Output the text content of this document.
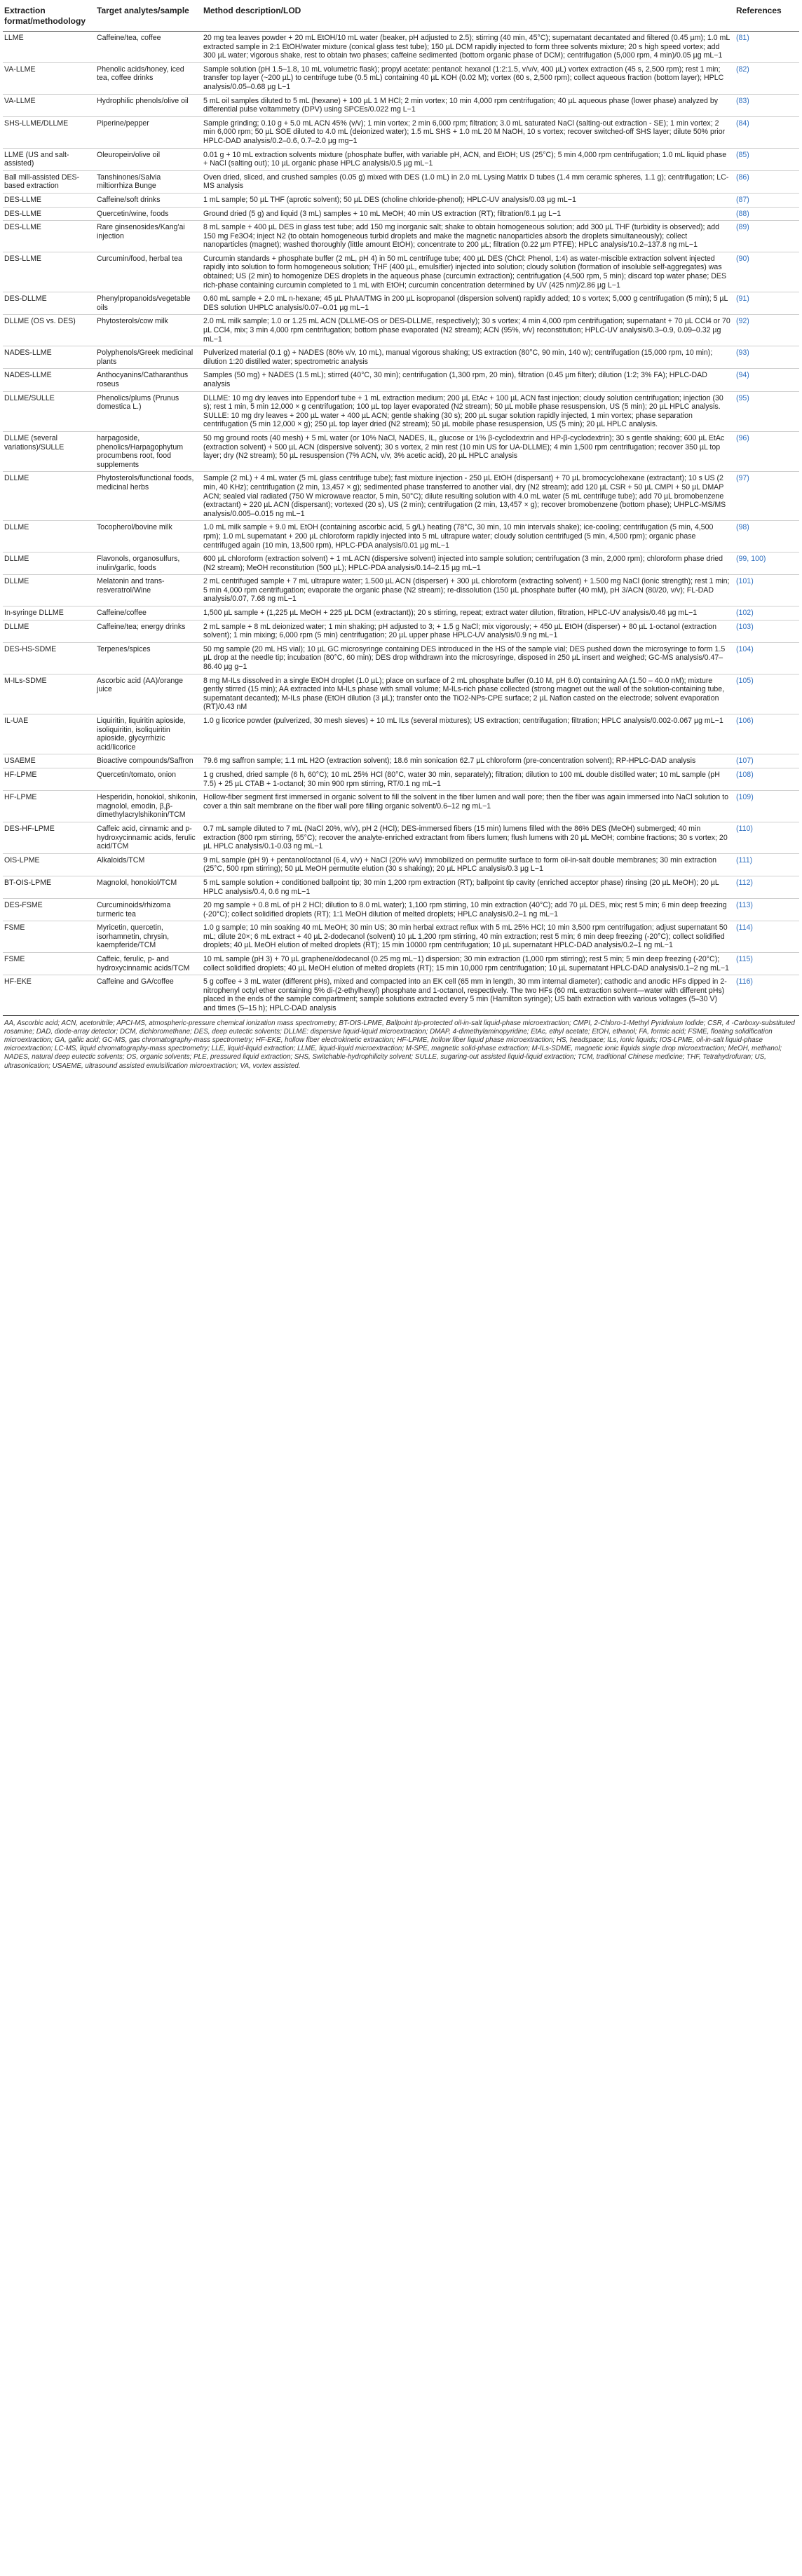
Extraction format/methodology	Target analytes/sample	Method description/LOD	References
LLME	Caffeine/tea, coffee	20 mg tea leaves powder + 20 mL EtOH/10 mL water (beaker, pH adjusted to 2.5); stirring (40 min, 45°C); supernatant decantated and filtered (0.45 µm); 1.0 mL extracted sample in 2:1 EtOH/water mixture (conical glass test tube); 150 µL DCM rapidly injected to form three solvents mixture; 20 s high speed vortex; add 300 µL water; vigorous shake, rest to obtain two phases; caffeine sedimented (bottom organic phase of DCM); centrifugation (5,000 rpm, 4 min)/0.05 µg mL−1	(81)
VA-LLME	Phenolic acids/honey, iced tea, coffee drinks	Sample solution (pH 1.5–1.8, 10 mL volumetric flask); propyl acetate: pentanol: hexanol (1:2:1.5, v/v/v, 400 µL) vortex extraction (45 s, 2,500 rpm); rest 1 min; transfer top layer (~200 µL) to centrifuge tube (0.5 mL) containing 40 µL KOH (0.02 M); vortex (60 s, 2,500 rpm); collect aqueous fraction (bottom layer); HPLC analysis/0.05–0.68 µg L−1	(82)
VA-LLME	Hydrophilic phenols/olive oil	5 mL oil samples diluted to 5 mL (hexane) + 100 µL 1 M HCl; 2 min vortex; 10 min 4,000 rpm centrifugation; 40 µL aqueous phase (lower phase) analyzed by differential pulse voltammetry (DPV) using SPCEs/0.022 mg L−1	(83)
SHS-LLME/DLLME	Piperine/pepper	Sample grinding; 0.10 g + 5.0 mL ACN 45% (v/v); 1 min vortex; 2 min 6,000 rpm; filtration; 3.0 mL saturated NaCl (salting-out extraction - SE); 1 min vortex; 2 min 6,000 rpm; 50 µL SOE diluted to 4.0 mL (deionized water); 1.5 mL SHS + 1.0 mL 20 M NaOH, 10 s vortex; recover switched-off SHS layer; dilute 50% prior HPLC-DAD analysis/0.2–0.6, 0.7–2.0 µg mg−1	(84)
LLME (US and salt-assisted)	Oleuropein/olive oil	0.01 g + 10 mL extraction solvents mixture (phosphate buffer, with variable pH, ACN, and EtOH; US (25°C); 5 min 4,000 rpm centrifugation; 1.0 mL liquid phase + NaCl (salting out); 10 µL organic phase HPLC analysis/0.5 µg mL−1	(85)
Ball mill-assisted DES-based extraction	Tanshinones/Salvia miltiorrhiza Bunge	Oven dried, sliced, and crushed samples (0.05 g) mixed with DES (1.0 mL) in 2.0 mL Lysing Matrix D tubes (1.4 mm ceramic spheres, 1.1 g); centrifugation; LC-MS analysis	(86)
DES-LLME	Caffeine/soft drinks	1 mL sample; 50 µL THF (aprotic solvent); 50 µL DES (choline chloride-phenol); HPLC-UV analysis/0.03 µg mL−1	(87)
DES-LLME	Quercetin/wine, foods	Ground dried (5 g) and liquid (3 mL) samples + 10 mL MeOH; 40 min US extraction (RT); filtration/6.1 µg L−1	(88)
DES-LLME	Rare ginsenosides/Kang'ai injection	8 mL sample + 400 µL DES in glass test tube; add 150 mg inorganic salt; shake to obtain homogeneous solution; add 300 µL THF (turbidity is observed); add 150 mg Fe3O4; inject N2 (to obtain homogeneous turbid droplets and make the magnetic nanoparticles absorb the droplets simultaneously); collect nanoparticles (magnet); washed thoroughly (little amount EtOH); concentrate to 200 µL; filtration (0.22 µm PTFE); HPLC analysis/10.2–137.8 ng mL−1	(89)
DES-LLME	Curcumin/food, herbal tea	Curcumin standards + phosphate buffer (2 mL, pH 4) in 50 mL centrifuge tube; 400 µL DES (ChCl: Phenol, 1:4) as water-miscible extraction solvent injected rapidly into solution to form homogeneous solution; THF (400 µL, emulsifier) injected into solution; cloudy solution (formation of insoluble self-aggregates) was obtained; US (2 min) to homogenize DES droplets in the aqueous phase (curcumin extraction); centrifugation (4,500 rpm, 5 min); discard top water phase; DES rich-phase containing curcumin completed to 1 mL with EtOH; curcumin concentration determined by UV (425 nm)/2.86 µg L−1	(90)
DES-DLLME	Phenylpropanoids/vegetable oils	0.60 mL sample + 2.0 mL n-hexane; 45 µL PhAA/TMG in 200 µL isopropanol (dispersion solvent) rapidly added; 10 s vortex; 5,000 g centrifugation (5 min); 5 µL DES solution UHPLC analysis/0.07–0.01 µg mL−1	(91)
DLLME (OS vs. DES)	Phytosterols/cow milk	2.0 mL milk sample; 1.0 or 1.25 mL ACN (DLLME-OS or DES-DLLME, respectively); 30 s vortex; 4 min 4,000 rpm centrifugation; supernatant + 70 µL CCl4 or 70 µL CCl4, mix; 3 min 4,000 rpm centrifugation; bottom phase evaporated (N2 stream); ACN (95%, v/v) reconstitution; HPLC-UV analysis/0.3–0.9, 0.09–0.32 µg mL−1	(92)
NADES-LLME	Polyphenols/Greek medicinal plants	Pulverized material (0.1 g) + NADES (80% v/v, 10 mL), manual vigorous shaking; US extraction (80°C, 90 min, 140 w); centrifugation (15,000 rpm, 10 min); dilution 1:20 distilled water; spectrometric analysis	(93)
NADES-LLME	Anthocyanins/Catharanthus roseus	Samples (50 mg) + NADES (1.5 mL); stirred (40°C, 30 min); centrifugation (1,300 rpm, 20 min), filtration (0.45 µm filter); dilution (1:2; 3% FA); HPLC-DAD analysis	(94)
DLLME/SULLE	Phenolics/plums (Prunus domestica L.)	DLLME: 10 mg dry leaves into Eppendorf tube + 1 mL extraction medium; 200 µL EtAc + 100 µL ACN fast injection; cloudy solution centrifugation; injection (30 s); rest 1 min, 5 min 12,000 × g centrifugation; 100 µL top layer evaporated (N2 stream); 50 µL mobile phase resuspension, US (5 min); 20 µL HPLC analysis. SULLE: 10 mg dry leaves + 200 µL water + 400 µL ACN; gentle shaking (30 s); 200 µL sugar solution rapidly injected, 1 min vortex; phase separation centrifugation (5 min 12,000 × g); 250 µL top layer dried (N2 stream); 50 µL mobile phase resuspension, US (5 min); 20 µL HPLC analysis.	(95)
DLLME (several variations)/SULLE	harpagoside, phenolics/Harpagophytum procumbens root, food supplements	50 mg ground roots (40 mesh) + 5 mL water (or 10% NaCl, NADES, IL, glucose or 1% β-cyclodextrin and HP-β-cyclodextrin); 30 s gentle shaking; 600 µL EtAc (extraction solvent) + 500 µL ACN (dispersive solvent); 30 s vortex, 2 min rest (10 min US for UA-DLLME); 4 min 1,500 rpm centrifugation; recover 350 µL top layer; dry (N2 stream); 50 µL resuspension (7% ACN, v/v, 3% acetic acid), 20 µL HPLC analysis	(96)
DLLME	Phytosterols/functional foods, medicinal herbs	Sample (2 mL) + 4 mL water (5 mL glass centrifuge tube); fast mixture injection - 250 µL EtOH (dispersant) + 70 µL bromocyclohexane (extractant); 10 s US (2 min, 40 KHz); centrifugation (2 min, 13,457 × g); sedimented phase transferred to another vial, dry (N2 stream); add 120 µL CSR + 50 µL CMPI + 50 µL DMAP ACN; sealed vial radiated (750 W microwave reactor, 5 min, 50°C); dilute resulting solution with 4.0 mL water (5 mL centrifuge tube); add 70 µL bromobenzene (extractant) + 220 µL ACN (dispersant); vortexed (20 s), US (2 min); centrifugation (2 min, 13,457 × g); recover bromobenzene (bottom phase); UHPLC-MS/MS analysis/0.005–0.015 ng mL−1	(97)
DLLME	Tocopherol/bovine milk	1.0 mL milk sample + 9.0 mL EtOH (containing ascorbic acid, 5 g/L) heating (78°C, 30 min, 10 min intervals shake); ice-cooling; centrifugation (5 min, 4,500 rpm); 1.0 mL supernatant + 200 µL chloroform rapidly injected into 5 mL ultrapure water; cloudy solution centrifuged (5 min, 4,500 rpm); organic phase centrifuged again (10 min, 13,500 rpm), HPLC-PDA analysis/0.01 µg mL−1	(98)
DLLME	Flavonols, organosulfurs, inulin/garlic, foods	600 µL chloroform (extraction solvent) + 1 mL ACN (dispersive solvent) injected into sample solution; centrifugation (3 min, 2,000 rpm); chloroform phase dried (N2 stream); MeOH reconstitution (500 µL); HPLC-PDA analysis/0.14–2.15 µg mL−1	(99, 100)
DLLME	Melatonin and trans-resveratrol/Wine	2 mL centrifuged sample + 7 mL ultrapure water; 1.500 µL ACN (disperser) + 300 µL chloroform (extracting solvent) + 1.500 mg NaCl (ionic strength); rest 1 min; 5 min 4,000 rpm centrifugation; evaporate the organic phase (N2 stream); re-dissolution (150 µL phosphate buffer (40 mM), pH 3/ACN (80/20, v/v); FL-DAD analysis/0.07, 7.68 ng mL−1	(101)
In-syringe DLLME	Caffeine/coffee	1,500 µL sample + (1,225 µL MeOH + 225 µL DCM (extractant)); 20 s stirring, repeat; extract water dilution, filtration, HPLC-UV analysis/0.46 µg mL−1	(102)
DLLME	Caffeine/tea; energy drinks	2 mL sample + 8 mL deionized water; 1 min shaking; pH adjusted to 3; + 1.5 g NaCl; mix vigorously; + 450 µL EtOH (disperser) + 80 µL 1-octanol (extraction solvent); 1 min mixing; 6,000 rpm (5 min) centrifugation; 20 µL upper phase HPLC-UV analysis/0.9 ng mL−1	(103)
DES-HS-SDME	Terpenes/spices	50 mg sample (20 mL HS vial); 10 µL GC microsyringe containing DES introduced in the HS of the sample vial; DES pushed down the microsyringe to form 1.5 µL drop at the needle tip; incubation (80°C, 60 min); DES drop withdrawn into the microsyringe, disposed in 250 µL insert and weighed; GC-MS analysis/0.47–86.40 µg g−1	(104)
M-ILs-SDME	Ascorbic acid (AA)/orange juice	8 mg M-ILs dissolved in a single EtOH droplet (1.0 µL); place on surface of 2 mL phosphate buffer (0.10 M, pH 6.0) containing AA (1.50 – 40.0 nM); mixture gently stirred (15 min); AA extracted into M-ILs phase with small volume; M-ILs-rich phase collected (strong magnet out the wall of the solution-containing tube, supernatant decanted); M-ILs phase (EtOH dilution (3 µL); transfer onto the TiO2-NPs-CPE surface; 2 µL Nafion casted on the electrode; solvent evaporation (RT)/0.43 nM	(105)
IL-UAE	Liquiritin, liquiritin apioside, isoliquiritin, isoliquiritin apioside, glycyrrhizic acid/licorice	1.0 g licorice powder (pulverized, 30 mesh sieves) + 10 mL ILs (several mixtures); US extraction; centrifugation; filtration; HPLC analysis/0.002-0.067 µg mL−1	(106)
USAEME	Bioactive compounds/Saffron	79.6 mg saffron sample; 1.1 mL H2O (extraction solvent); 18.6 min sonication 62.7 µL chloroform (pre-concentration solvent); RP-HPLC-DAD analysis	(107)
HF-LPME	Quercetin/tomato, onion	1 g crushed, dried sample (6 h, 60°C); 10 mL 25% HCl (80°C, water 30 min, separately); filtration; dilution to 100 mL double distilled water; 10 mL sample (pH 7.5) + 25 µL CTAB + 1-octanol; 30 min 900 rpm stirring, RT/0.1 ng mL−1	(108)
HF-LPME	Hesperidin, honokiol, shikonin, magnolol, emodin, β,β-dimethylacrylshikonin/TCM	Hollow-fiber segment first immersed in organic solvent to fill the solvent in the fiber lumen and wall pore; then the fiber was again immersed into NaCl solution to cover a thin salt membrane on the fiber wall pore filling organic solvent/0.6–12 ng mL−1	(109)
DES-HF-LPME	Caffeic acid, cinnamic and p-hydroxycinnamic acids, ferulic acid/TCM	0.7 mL sample diluted to 7 mL (NaCl 20%, w/v), pH 2 (HCl); DES-immersed fibers (15 min) lumens filled with the 86% DES (MeOH) submerged; 40 min extraction (800 rpm stirring, 55°C); recover the analyte-enriched extractant from fibers lumen; flush lumens with 20 µL MeOH; combine fractions; 30 s vortex; 20 µL HPLC analysis/0.1-0.03 ng mL−1	(110)
OIS-LPME	Alkaloids/TCM	9 mL sample (pH 9) + pentanol/octanol (6.4, v/v) + NaCl (20% w/v) immobilized on permutite surface to form oil-in-salt double membranes; 30 min extraction (25°C, 500 rpm stirring); 50 µL MeOH permutite elution (30 s shaking); 20 µL HPLC analysis/0.3 µg L−1	(111)
BT-OIS-LPME	Magnolol, honokiol/TCM	5 mL sample solution + conditioned ballpoint tip; 30 min 1,200 rpm extraction (RT); ballpoint tip cavity (enriched acceptor phase) rinsing (20 µL MeOH); 20 µL HPLC analysis/0.4, 0.6 ng mL−1	(112)
DES-FSME	Curcuminoids/rhizoma turmeric tea	20 mg sample + 0.8 mL of pH 2 HCl; dilution to 8.0 mL water); 1,100 rpm stirring, 10 min extraction (40°C); add 70 µL DES, mix; rest 5 min; 6 min deep freezing (-20°C); collect solidified droplets (RT); 1:1 MeOH dilution of melted droplets; HPLC analysis/0.2–1 ng mL−1	(113)
FSME	Myricetin, quercetin, isorhamnetin, chrysin, kaempferide/TCM	1.0 g sample; 10 min soaking 40 mL MeOH; 30 min US; 30 min herbal extract reflux with 5 mL 25% HCl; 10 min 3,500 rpm centrifugation; adjust supernatant 50 mL; dilute 20×; 6 mL extract + 40 µL 2-dodecanol (solvent) 10 µL 1,200 rpm stirring, 40 min extraction; rest 5 min; 6 min deep freezing (-20°C); collect solidified droplets; 40 µL MeOH elution of melted droplets (RT); 15 min 10000 rpm centrifugation; 10 µL supernatant HPLC-DAD analysis/0.2–1 ng mL−1	(114)
FSME	Caffeic, ferulic, p- and hydroxycinnamic acids/TCM	10 mL sample (pH 3) + 70 µL graphene/dodecanol (0.25 mg mL−1) dispersion; 30 min extraction (1,000 rpm stirring); rest 5 min; 5 min deep freezing (-20°C); collect solidified droplets; 40 µL MeOH elution of melted droplets (RT); 15 min 10,000 rpm centrifugation; 10 µL supernatant HPLC-DAD analysis/0.1–2 ng mL−1	(115)
HF-EKE	Caffeine and GA/coffee	5 g coffee + 3 mL water (different pHs), mixed and compacted into an EK cell (65 mm in length, 30 mm internal diameter); cathodic and anodic HFs dipped in 2-nitrophenyl octyl ether containing 5% di-(2-ethylhexyl) phosphate and 1-octanol, respectively. The two HFs (60 mL extraction solvent—water with different pHs) placed in the ends of the sample compartment; sample solutions extracted every 5 min (Hamilton syringe); US bath extraction with various voltages (5–30 V) and times (5–15 h); HPLC-DAD analysis	(116)
AA, Ascorbic acid; ACN, acetonitrile; APCI-MS, atmospheric-pressure chemical ionization mass spectrometry; BT-OIS-LPME, Ballpoint tip-protected oil-in-salt liquid-phase microextraction; CMPI, 2-Chloro-1-Methyl Pyridinium Iodide; CSR, 4 -Carboxy-substituted rosamine; DAD, diode-array detector; DCM, dichloromethane; DES, deep eutectic solvents; DLLME: dispersive liquid-liquid microextraction; DMAP, 4-dimethylaminopyridine; EtAc, ethyl acetate; EtOH, ethanol; FA, formic acid; FSME, floating solidification microextraction; GA, gallic acid; GC-MS, gas chromatography-mass spectrometry; HF-EKE, hollow fiber electrokinetic extraction; HF-LPME, hollow fiber liquid phase microextraction; HS, headspace; ILs, ionic liquids; IOS-LPME, oil-in-salt liquid-phase microextraction; LC-MS, liquid chromatography-mass spectrometry; LLE, liquid-liquid extraction; LLME, liquid-liquid microextraction; M-SPE, magnetic solid-phase extraction; M-ILs-SDME, magnetic ionic liquids single drop microextraction; MeOH, methanol; NADES, natural deep eutectic solvents; OS, organic solvents; PLE, pressured liquid extraction; SHS, Switchable-hydrophilicity solvent; SULLE, sugaring-out assisted liquid-liquid extraction; TCM, traditional Chinese medicine; THF, Tetrahydrofuran; US, ultrasonication; USAEME, ultrasound assisted emulsification microextraction; VA, vortex assisted.
